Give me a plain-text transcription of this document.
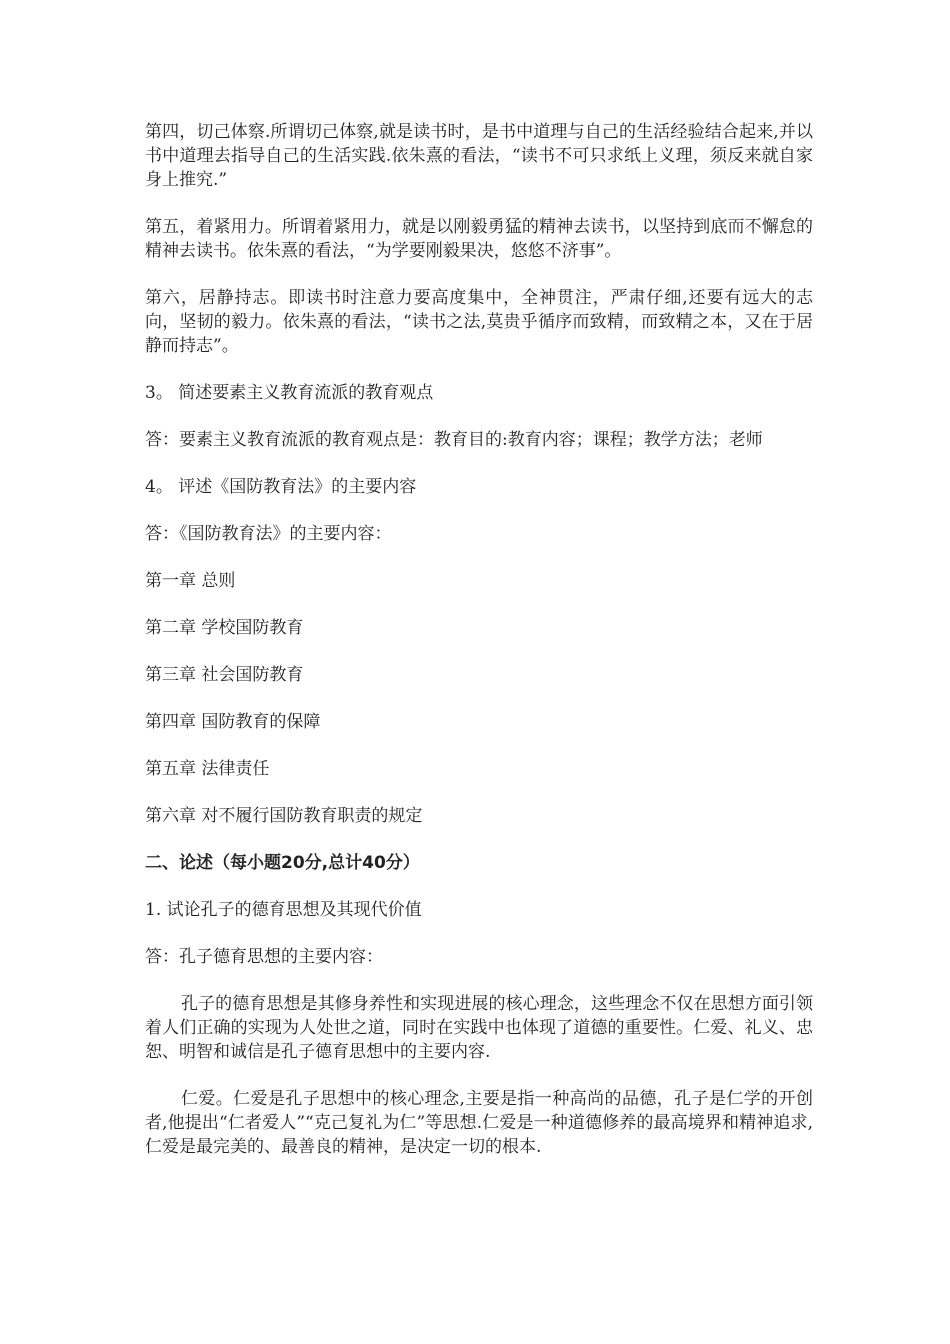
第四，切己体察.所谓切己体察,就是读书时，是书中道理与自己的生活经验结合起来,并以书中道理去指导自己的生活实践.依朱熹的看法，“读书不可只求纸上义理，须反来就自家身上推究.”

第五，着紧用力。所谓着紧用力，就是以刚毅勇猛的精神去读书，以坚持到底而不懈怠的精神去读书。依朱熹的看法，“为学要刚毅果决，悠悠不济事”。

第六，居静持志。即读书时注意力要高度集中，全神贯注，严肃仔细,还要有远大的志向，坚韧的毅力。依朱熹的看法，“读书之法,莫贵乎循序而致精，而致精之本，又在于居静而持志”。

3。 简述要素主义教育流派的教育观点

答：要素主义教育流派的教育观点是：教育目的:教育内容；课程；教学方法；老师

4。 评述《国防教育法》的主要内容

答：《国防教育法》的主要内容：

第一章 总则

第二章 学校国防教育

第三章 社会国防教育

第四章 国防教育的保障

第五章 法律责任

第六章 对不履行国防教育职责的规定

二、论述（每小题20分,总计40分）

1. 试论孔子的德育思想及其现代价值

答：孔子德育思想的主要内容：

孔子的德育思想是其修身养性和实现进展的核心理念，这些理念不仅在思想方面引领着人们正确的实现为人处世之道，同时在实践中也体现了道德的重要性。仁爱、礼义、忠恕、明智和诚信是孔子德育思想中的主要内容.

仁爱。仁爱是孔子思想中的核心理念,主要是指一种高尚的品德，孔子是仁学的开创者,他提出“仁者爱人”“克己复礼为仁”等思想.仁爱是一种道德修养的最高境界和精神追求,仁爱是最完美的、最善良的精神，是决定一切的根本.
